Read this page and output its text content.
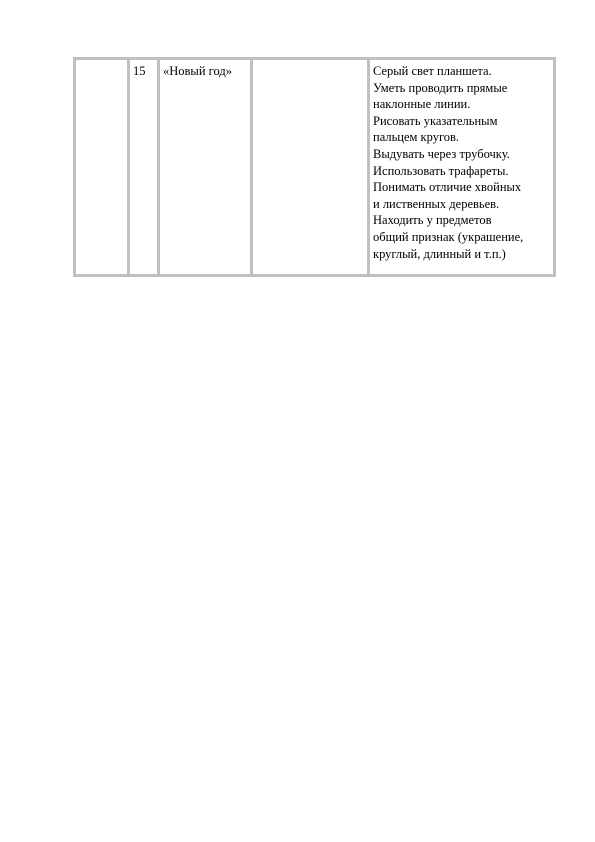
	15	«Новый год»		Серый свет планшета.
Уметь проводить прямые
наклонные линии.
Рисовать указательным
пальцем кругов.
Выдувать через трубочку.
Использовать трафареты.
Понимать отличие хвойных
и лиственных деревьев.
Находить у предметов
общий признак (украшение,
круглый, длинный и т.п.)
